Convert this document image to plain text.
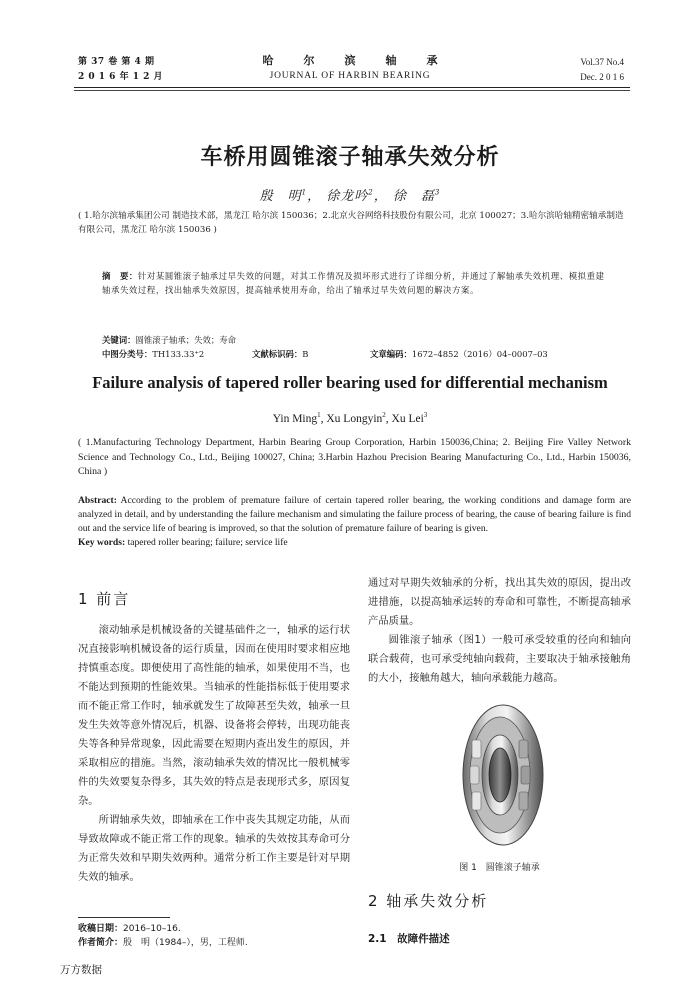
第 37 卷 第 4 期
2 0 1 6 年 1 2 月
哈尔滨轴承
JOURNAL OF HARBIN BEARING
Vol.37 No.4
Dec. 2 0 1 6
车桥用圆锥滚子轴承失效分析
殷　明$^1$， 徐龙吟$^2$， 徐　磊$^3$
( 1.哈尔滨轴承集团公司 制造技术部，黑龙江 哈尔滨 150036；2.北京火谷网络科技股份有限公司，北京 100027；3.哈尔滨哈轴精密轴承制造有限公司，黑龙江 哈尔滨 150036 )
摘　要：针对某圆锥滚子轴承过早失效的问题，对其工作情况及损坏形式进行了详细分析，并通过了解轴承失效机理、模拟重建轴承失效过程，找出轴承失效原因，提高轴承使用寿命，给出了轴承过早失效问题的解决方案。
关键词：圆锥滚子轴承；失效；寿命
中图分类号：TH133.33⁺2	文献标识码：B	文章编码：1672–4852（2016）04–0007–03
Failure analysis of tapered roller bearing used for differential mechanism
Yin Ming$^1$, Xu Longyin$^2$, Xu Lei$^3$
( 1.Manufacturing Technology Department, Harbin Bearing Group Corporation, Harbin 150036,China; 2. Beijing Fire Valley Network Science and Technology Co., Ltd., Beijing 100027, China; 3.Harbin Hazhou Precision Bearing Manufacturing Co., Ltd., Harbin 150036, China )
Abstract: According to the problem of premature failure of certain tapered roller bearing, the working conditions and damage form are analyzed in detail, and by understanding the failure mechanism and simulating the failure process of bearing, the cause of bearing failure is find out and the service life of bearing is improved, so that the solution of premature failure of bearing is given.
Key words: tapered roller bearing; failure; service life
1 前言
滚动轴承是机械设备的关键基础件之一，轴承的运行状况直接影响机械设备的运行质量，因而在使用时要求相应地持慎重态度。即便使用了高性能的轴承，如果使用不当，也不能达到预期的性能效果。当轴承的性能指标低于使用要求而不能正常工作时，轴承就发生了故障甚至失效，轴承一旦发生失效等意外情况后，机器、设备将会停转，出现功能丧失等各种异常现象，因此需要在短期内查出发生的原因，并采取相应的措施。当然，滚动轴承失效的情况比一般机械零件的失效要复杂得多，其失效的特点是表现形式多，原因复杂。
所谓轴承失效，即轴承在工作中丧失其规定功能，从而导致故障或不能正常工作的现象。轴承的失效按其寿命可分为正常失效和早期失效两种。通常分析工作主要是针对早期失效的轴承。
通过对早期失效轴承的分析，找出其失效的原因，提出改进措施，以提高轴承运转的寿命和可靠性，不断提高轴承产品质量。
圆锥滚子轴承（图1）一般可承受较重的径向和轴向联合载荷，也可承受纯轴向载荷，主要取决于轴承接触角的大小，接触角越大，轴向承载能力越高。
图 1　圆锥滚子轴承
2 轴承失效分析
2.1　故障件描述
收稿日期：2016–10–16.
作者简介：殷　明（1984–），男，工程师.
万方数据
